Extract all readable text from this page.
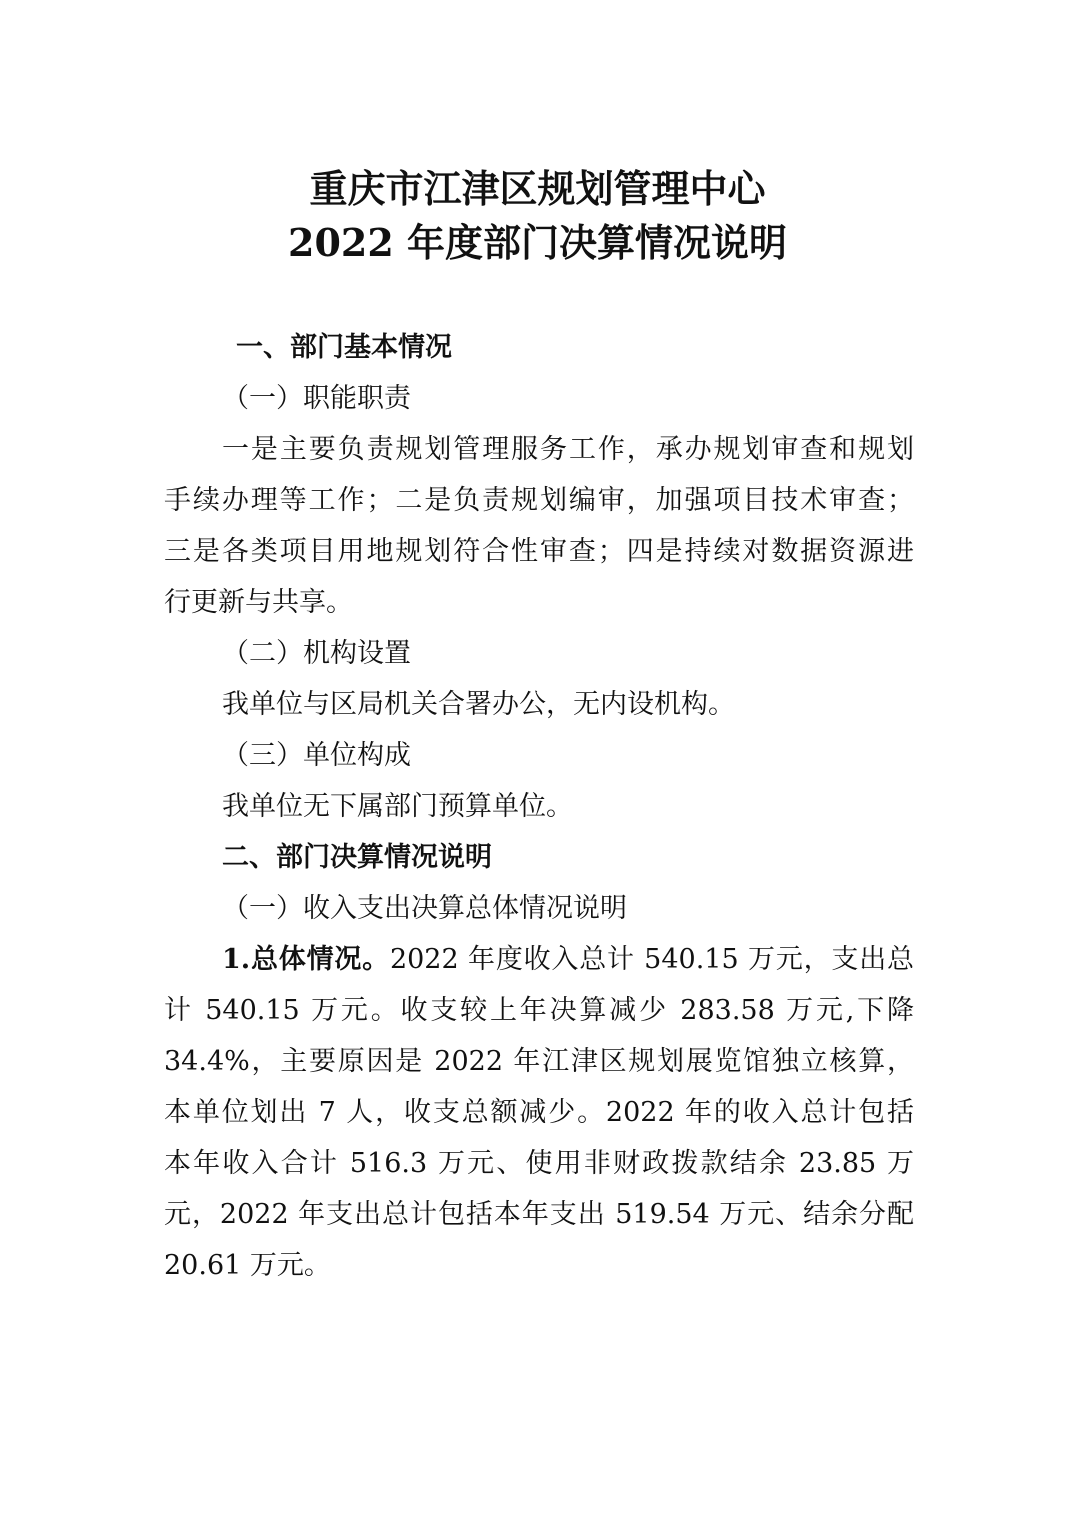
重庆市江津区规划管理中心
2022 年度部门决算情况说明
一、部门基本情况
（一）职能职责
一是主要负责规划管理服务工作，承办规划审查和规划
手续办理等工作；二是负责规划编审，加强项目技术审查；
三是各类项目用地规划符合性审查；四是持续对数据资源进
行更新与共享。
（二）机构设置
我单位与区局机关合署办公，无内设机构。
（三）单位构成
我单位无下属部门预算单位。
二、部门决算情况说明
（一）收入支出决算总体情况说明
1.总体情况。2022 年度收入总计 540.15 万元，支出总
计 540.15 万元。收支较上年决算减少 283.58 万元,下降
34.4%，主要原因是 2022 年江津区规划展览馆独立核算，
本单位划出 7 人，收支总额减少。2022 年的收入总计包括
本年收入合计 516.3 万元、使用非财政拨款结余 23.85 万
元，2022 年支出总计包括本年支出 519.54 万元、结余分配
20.61 万元。
